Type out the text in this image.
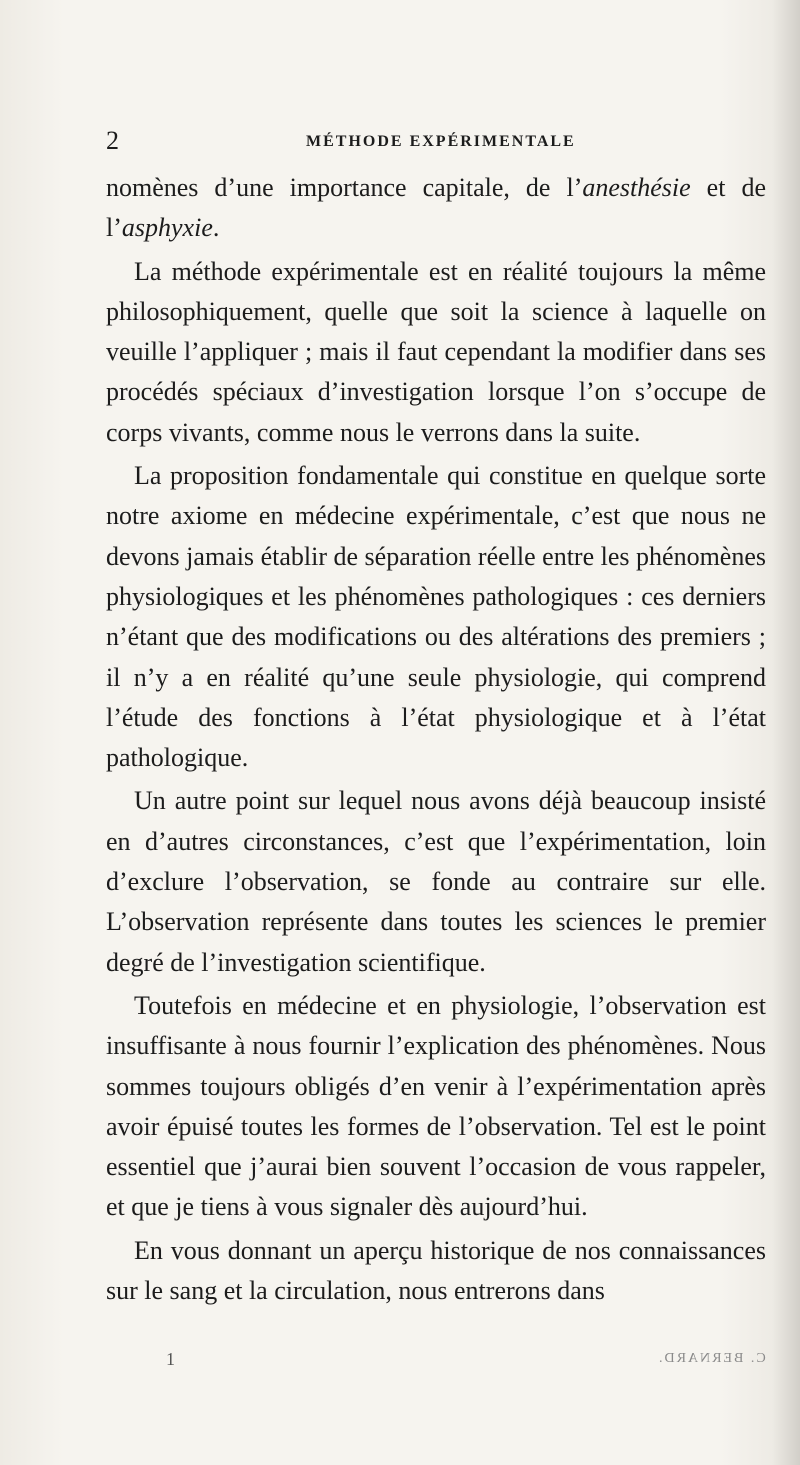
2	MÉTHODE EXPÉRIMENTALE

nomènes d’une importance capitale, de l’anesthésie et de l’asphyxie.

La méthode expérimentale est en réalité toujours la même philosophiquement, quelle que soit la science à laquelle on veuille l’appliquer ; mais il faut cependant la modifier dans ses procédés spéciaux d’investigation lorsque l’on s’occupe de corps vivants, comme nous le verrons dans la suite.

La proposition fondamentale qui constitue en quelque sorte notre axiome en médecine expérimentale, c’est que nous ne devons jamais établir de séparation réelle entre les phénomènes physiologiques et les phénomènes pathologiques : ces derniers n’étant que des modifications ou des altérations des premiers ; il n’y a en réalité qu’une seule physiologie, qui comprend l’étude des fonctions à l’état physiologique et à l’état pathologique.

Un autre point sur lequel nous avons déjà beaucoup insisté en d’autres circonstances, c’est que l’expérimentation, loin d’exclure l’observation, se fonde au contraire sur elle. L’observation représente dans toutes les sciences le premier degré de l’investigation scientifique.

Toutefois en médecine et en physiologie, l’observation est insuffisante à nous fournir l’explication des phénomènes. Nous sommes toujours obligés d’en venir à l’expérimentation après avoir épuisé toutes les formes de l’observation. Tel est le point essentiel que j’aurai bien souvent l’occasion de vous rappeler, et que je tiens à vous signaler dès aujourd’hui.

En vous donnant un aperçu historique de nos connaissances sur le sang et la circulation, nous entrerons dans

1	C. BERNARD.
